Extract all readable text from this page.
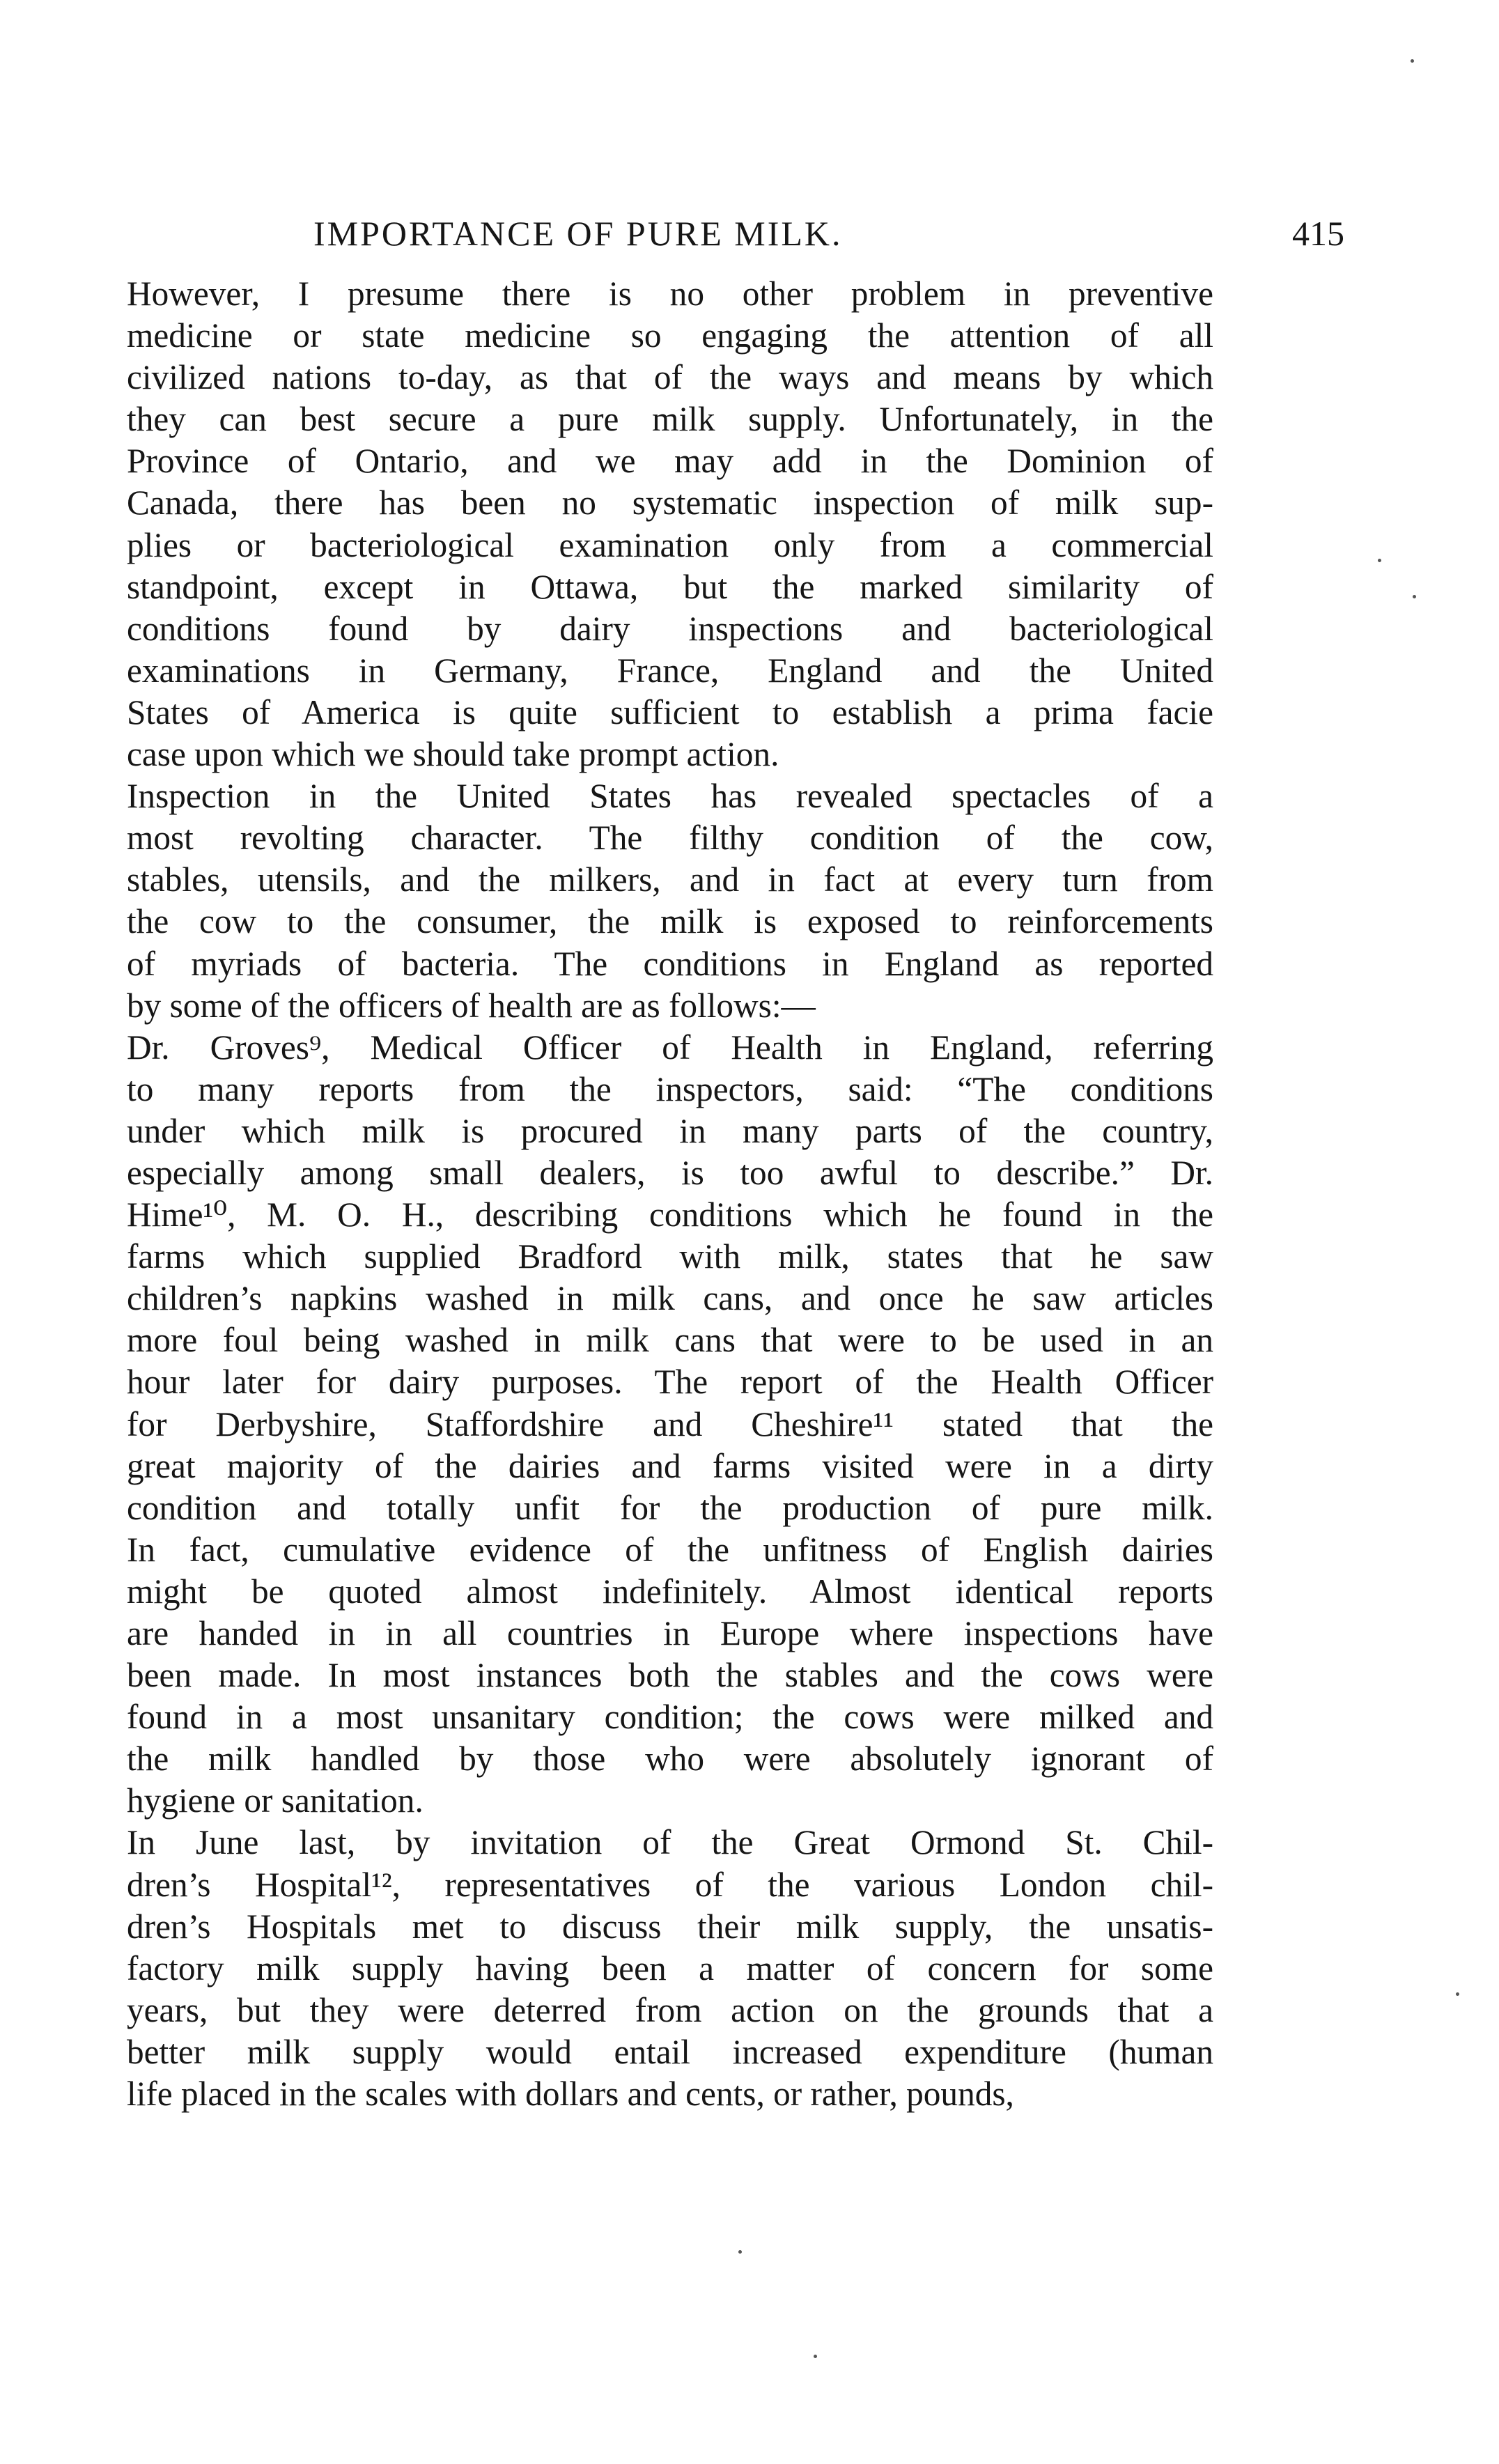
IMPORTANCE OF PURE MILK.	415
However, I presume there is no other problem in preventive
medicine or state medicine so engaging the attention of all
civilized nations to-day, as that of the ways and means by which
they can best secure a pure milk supply. Unfortunately, in the
Province of Ontario, and we may add in the Dominion of
Canada, there has been no systematic inspection of milk sup-
plies or bacteriological examination only from a commercial
standpoint, except in Ottawa, but the marked similarity of
conditions found by dairy inspections and bacteriological
examinations in Germany, France, England and the United
States of America is quite sufficient to establish a prima facie
case upon which we should take prompt action.
Inspection in the United States has revealed spectacles of a
most revolting character. The filthy condition of the cow,
stables, utensils, and the milkers, and in fact at every turn from
the cow to the consumer, the milk is exposed to reinforcements
of myriads of bacteria. The conditions in England as reported
by some of the officers of health are as follows:—
Dr. Groves⁹, Medical Officer of Health in England, referring
to many reports from the inspectors, said: “The conditions
under which milk is procured in many parts of the country,
especially among small dealers, is too awful to describe.” Dr.
Hime¹⁰, M. O. H., describing conditions which he found in the
farms which supplied Bradford with milk, states that he saw
children’s napkins washed in milk cans, and once he saw articles
more foul being washed in milk cans that were to be used in an
hour later for dairy purposes. The report of the Health Officer
for Derbyshire, Staffordshire and Cheshire¹¹ stated that the
great majority of the dairies and farms visited were in a dirty
condition and totally unfit for the production of pure milk.
In fact, cumulative evidence of the unfitness of English dairies
might be quoted almost indefinitely. Almost identical reports
are handed in in all countries in Europe where inspections have
been made. In most instances both the stables and the cows were
found in a most unsanitary condition; the cows were milked and
the milk handled by those who were absolutely ignorant of
hygiene or sanitation.
In June last, by invitation of the Great Ormond St. Chil-
dren’s Hospital¹², representatives of the various London chil-
dren’s Hospitals met to discuss their milk supply, the unsatis-
factory milk supply having been a matter of concern for some
years, but they were deterred from action on the grounds that a
better milk supply would entail increased expenditure (human
life placed in the scales with dollars and cents, or rather, pounds,
